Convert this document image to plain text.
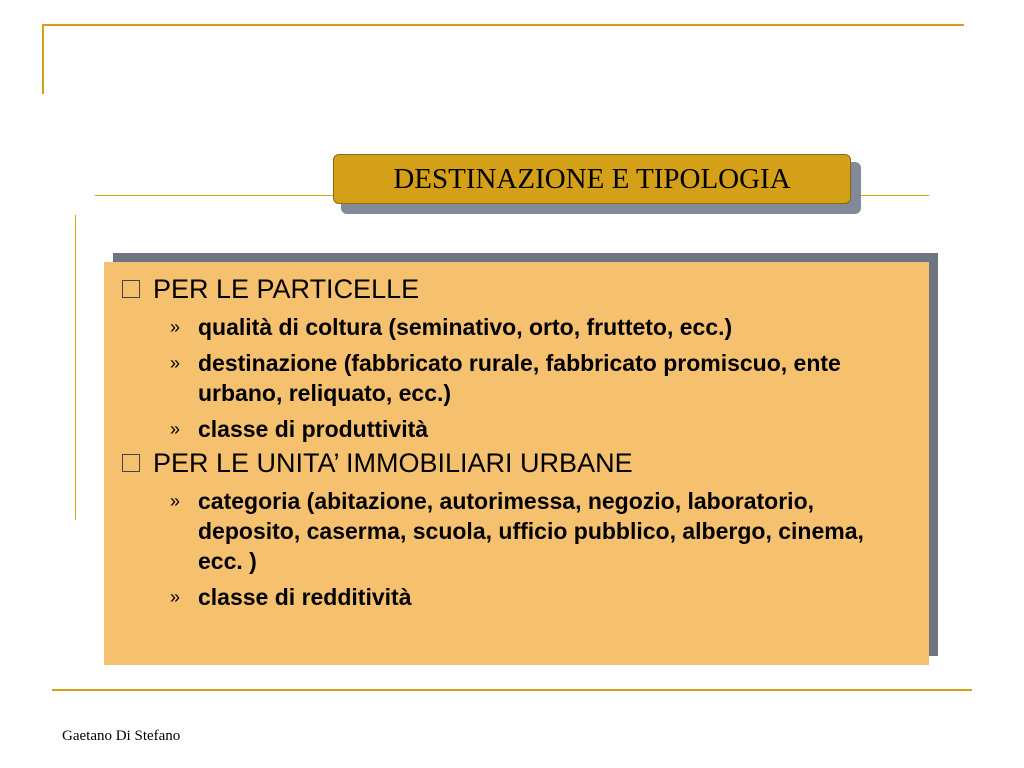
DESTINAZIONE E TIPOLOGIA
PER LE PARTICELLE
» qualità di coltura (seminativo, orto, frutteto, ecc.)
» destinazione (fabbricato rurale, fabbricato promiscuo, ente urbano, reliquato, ecc.)
» classe di produttività
PER LE UNITA’ IMMOBILIARI URBANE
» categoria (abitazione, autorimessa, negozio, laboratorio, deposito, caserma, scuola, ufficio pubblico, albergo, cinema, ecc. )
» classe di redditività
Gaetano Di Stefano
